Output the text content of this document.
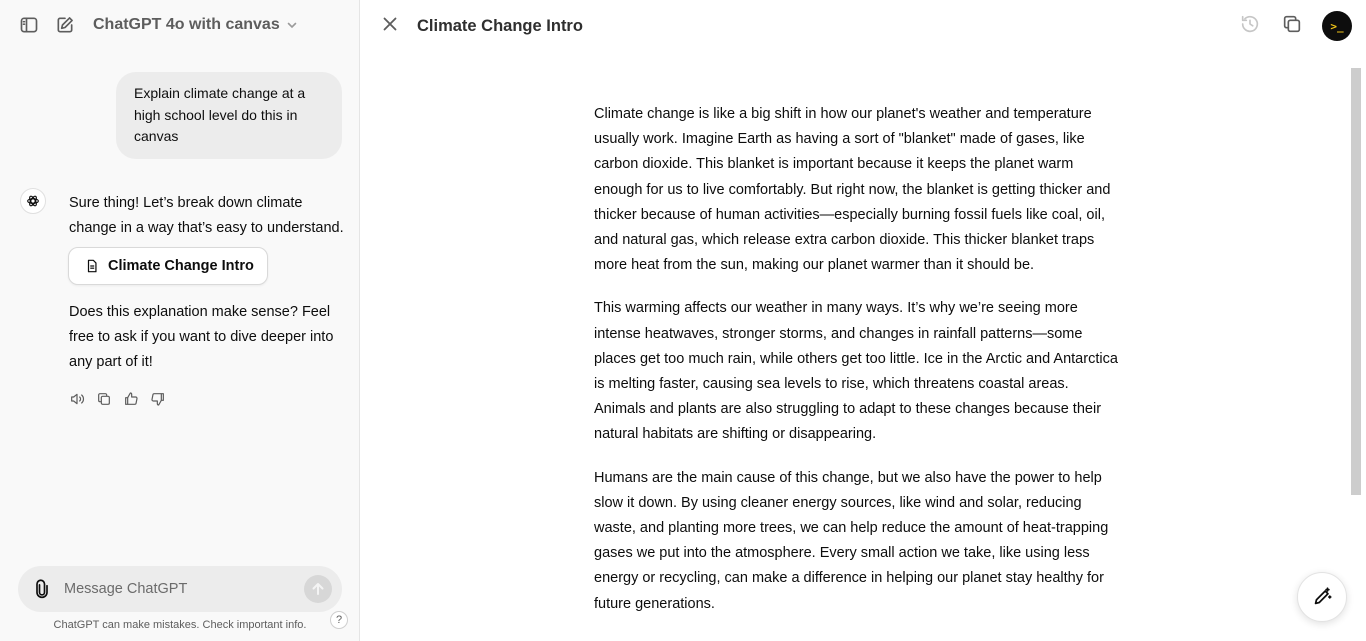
ChatGPT 4o with canvas
Explain climate change at a high school level do this in canvas
Sure thing! Let’s break down climate change in a way that’s easy to understand.
Climate Change Intro
Does this explanation make sense? Feel free to ask if you want to dive deeper into any part of it!
Message ChatGPT
ChatGPT can make mistakes. Check important info.	?
Climate Change Intro	>_

Climate change is like a big shift in how our planet's weather and temperature usually work. Imagine Earth as having a sort of "blanket" made of gases, like carbon dioxide. This blanket is important because it keeps the planet warm enough for us to live comfortably. But right now, the blanket is getting thicker and thicker because of human activities—especially burning fossil fuels like coal, oil, and natural gas, which release extra carbon dioxide. This thicker blanket traps more heat from the sun, making our planet warmer than it should be.

This warming affects our weather in many ways. It’s why we’re seeing more intense heatwaves, stronger storms, and changes in rainfall patterns—some places get too much rain, while others get too little. Ice in the Arctic and Antarctica is melting faster, causing sea levels to rise, which threatens coastal areas. Animals and plants are also struggling to adapt to these changes because their natural habitats are shifting or disappearing.

Humans are the main cause of this change, but we also have the power to help slow it down. By using cleaner energy sources, like wind and solar, reducing waste, and planting more trees, we can help reduce the amount of heat-trapping gases we put into the atmosphere. Every small action we take, like using less energy or recycling, can make a difference in helping our planet stay healthy for future generations.
